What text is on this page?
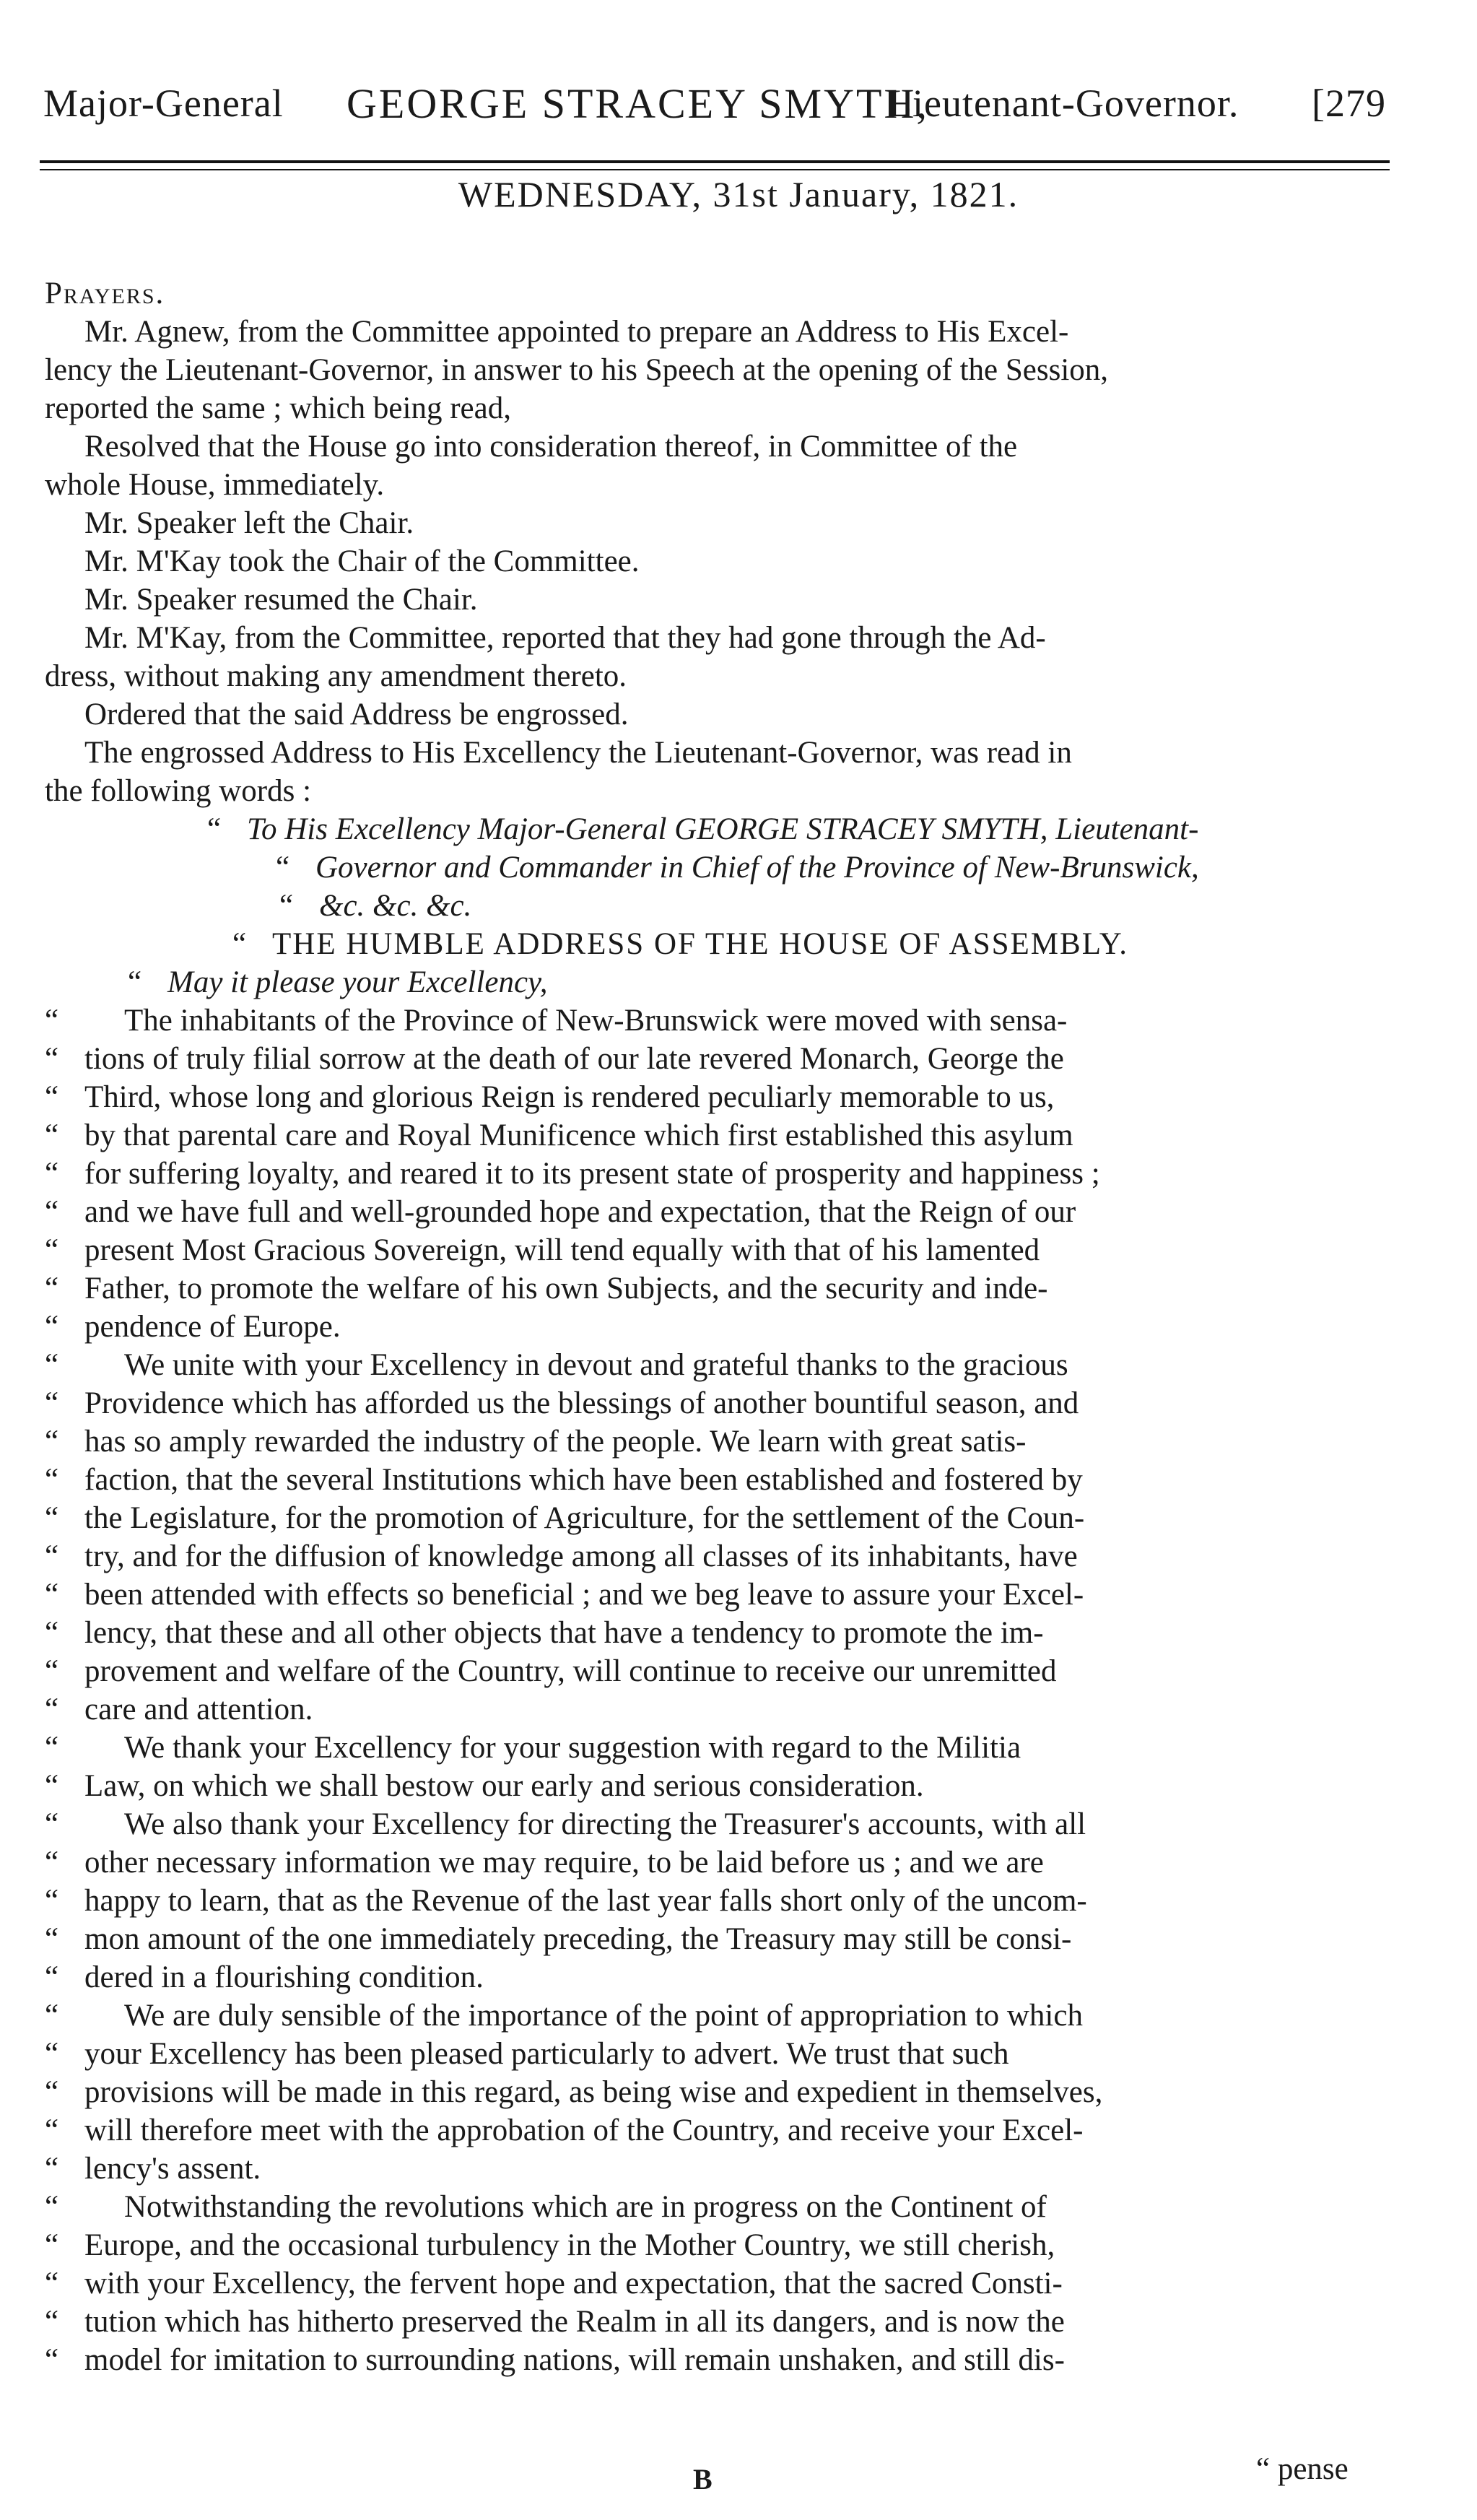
Major-General GEORGE STRACEY SMYTH,
Lieutenant-Governor. [279
WEDNESDAY, 31st January, 1821.
Prayers.
Mr. Agnew, from the Committee appointed to prepare an Address to His Excel-
lency the Lieutenant-Governor, in answer to his Speech at the opening of the Session,
reported the same ; which being read,
Resolved that the House go into consideration thereof, in Committee of the
whole House, immediately.
Mr. Speaker left the Chair.
Mr. M'Kay took the Chair of the Committee.
Mr. Speaker resumed the Chair.
Mr. M'Kay, from the Committee, reported that they had gone through the Ad-
dress, without making any amendment thereto.
Ordered that the said Address be engrossed.
The engrossed Address to His Excellency the Lieutenant-Governor, was read in
the following words :
“ To His Excellency Major-General GEORGE STRACEY SMYTH, Lieutenant-
“ Governor and Commander in Chief of the Province of New-Brunswick,
“ &c. &c. &c.
“ THE HUMBLE ADDRESS OF THE HOUSE OF ASSEMBLY.
“ May it please your Excellency,
“ The inhabitants of the Province of New-Brunswick were moved with sensa-
“ tions of truly filial sorrow at the death of our late revered Monarch, George the
“ Third, whose long and glorious Reign is rendered peculiarly memorable to us,
“ by that parental care and Royal Munificence which first established this asylum
“ for suffering loyalty, and reared it to its present state of prosperity and happiness ;
“ and we have full and well-grounded hope and expectation, that the Reign of our
“ present Most Gracious Sovereign, will tend equally with that of his lamented
“ Father, to promote the welfare of his own Subjects, and the security and inde-
“ pendence of Europe.
“ We unite with your Excellency in devout and grateful thanks to the gracious
“ Providence which has afforded us the blessings of another bountiful season, and
“ has so amply rewarded the industry of the people. We learn with great satis-
“ faction, that the several Institutions which have been established and fostered by
“ the Legislature, for the promotion of Agriculture, for the settlement of the Coun-
“ try, and for the diffusion of knowledge among all classes of its inhabitants, have
“ been attended with effects so beneficial ; and we beg leave to assure your Excel-
“ lency, that these and all other objects that have a tendency to promote the im-
“ provement and welfare of the Country, will continue to receive our unremitted
“ care and attention.
“ We thank your Excellency for your suggestion with regard to the Militia
“ Law, on which we shall bestow our early and serious consideration.
“ We also thank your Excellency for directing the Treasurer's accounts, with all
“ other necessary information we may require, to be laid before us ; and we are
“ happy to learn, that as the Revenue of the last year falls short only of the uncom-
“ mon amount of the one immediately preceding, the Treasury may still be consi-
“ dered in a flourishing condition.
“ We are duly sensible of the importance of the point of appropriation to which
“ your Excellency has been pleased particularly to advert. We trust that such
“ provisions will be made in this regard, as being wise and expedient in themselves,
“ will therefore meet with the approbation of the Country, and receive your Excel-
“ lency's assent.
“ Notwithstanding the revolutions which are in progress on the Continent of
“ Europe, and the occasional turbulency in the Mother Country, we still cherish,
“ with your Excellency, the fervent hope and expectation, that the sacred Consti-
“ tution which has hitherto preserved the Realm in all its dangers, and is now the
“ model for imitation to surrounding nations, will remain unshaken, and still dis-
B	“ pense
